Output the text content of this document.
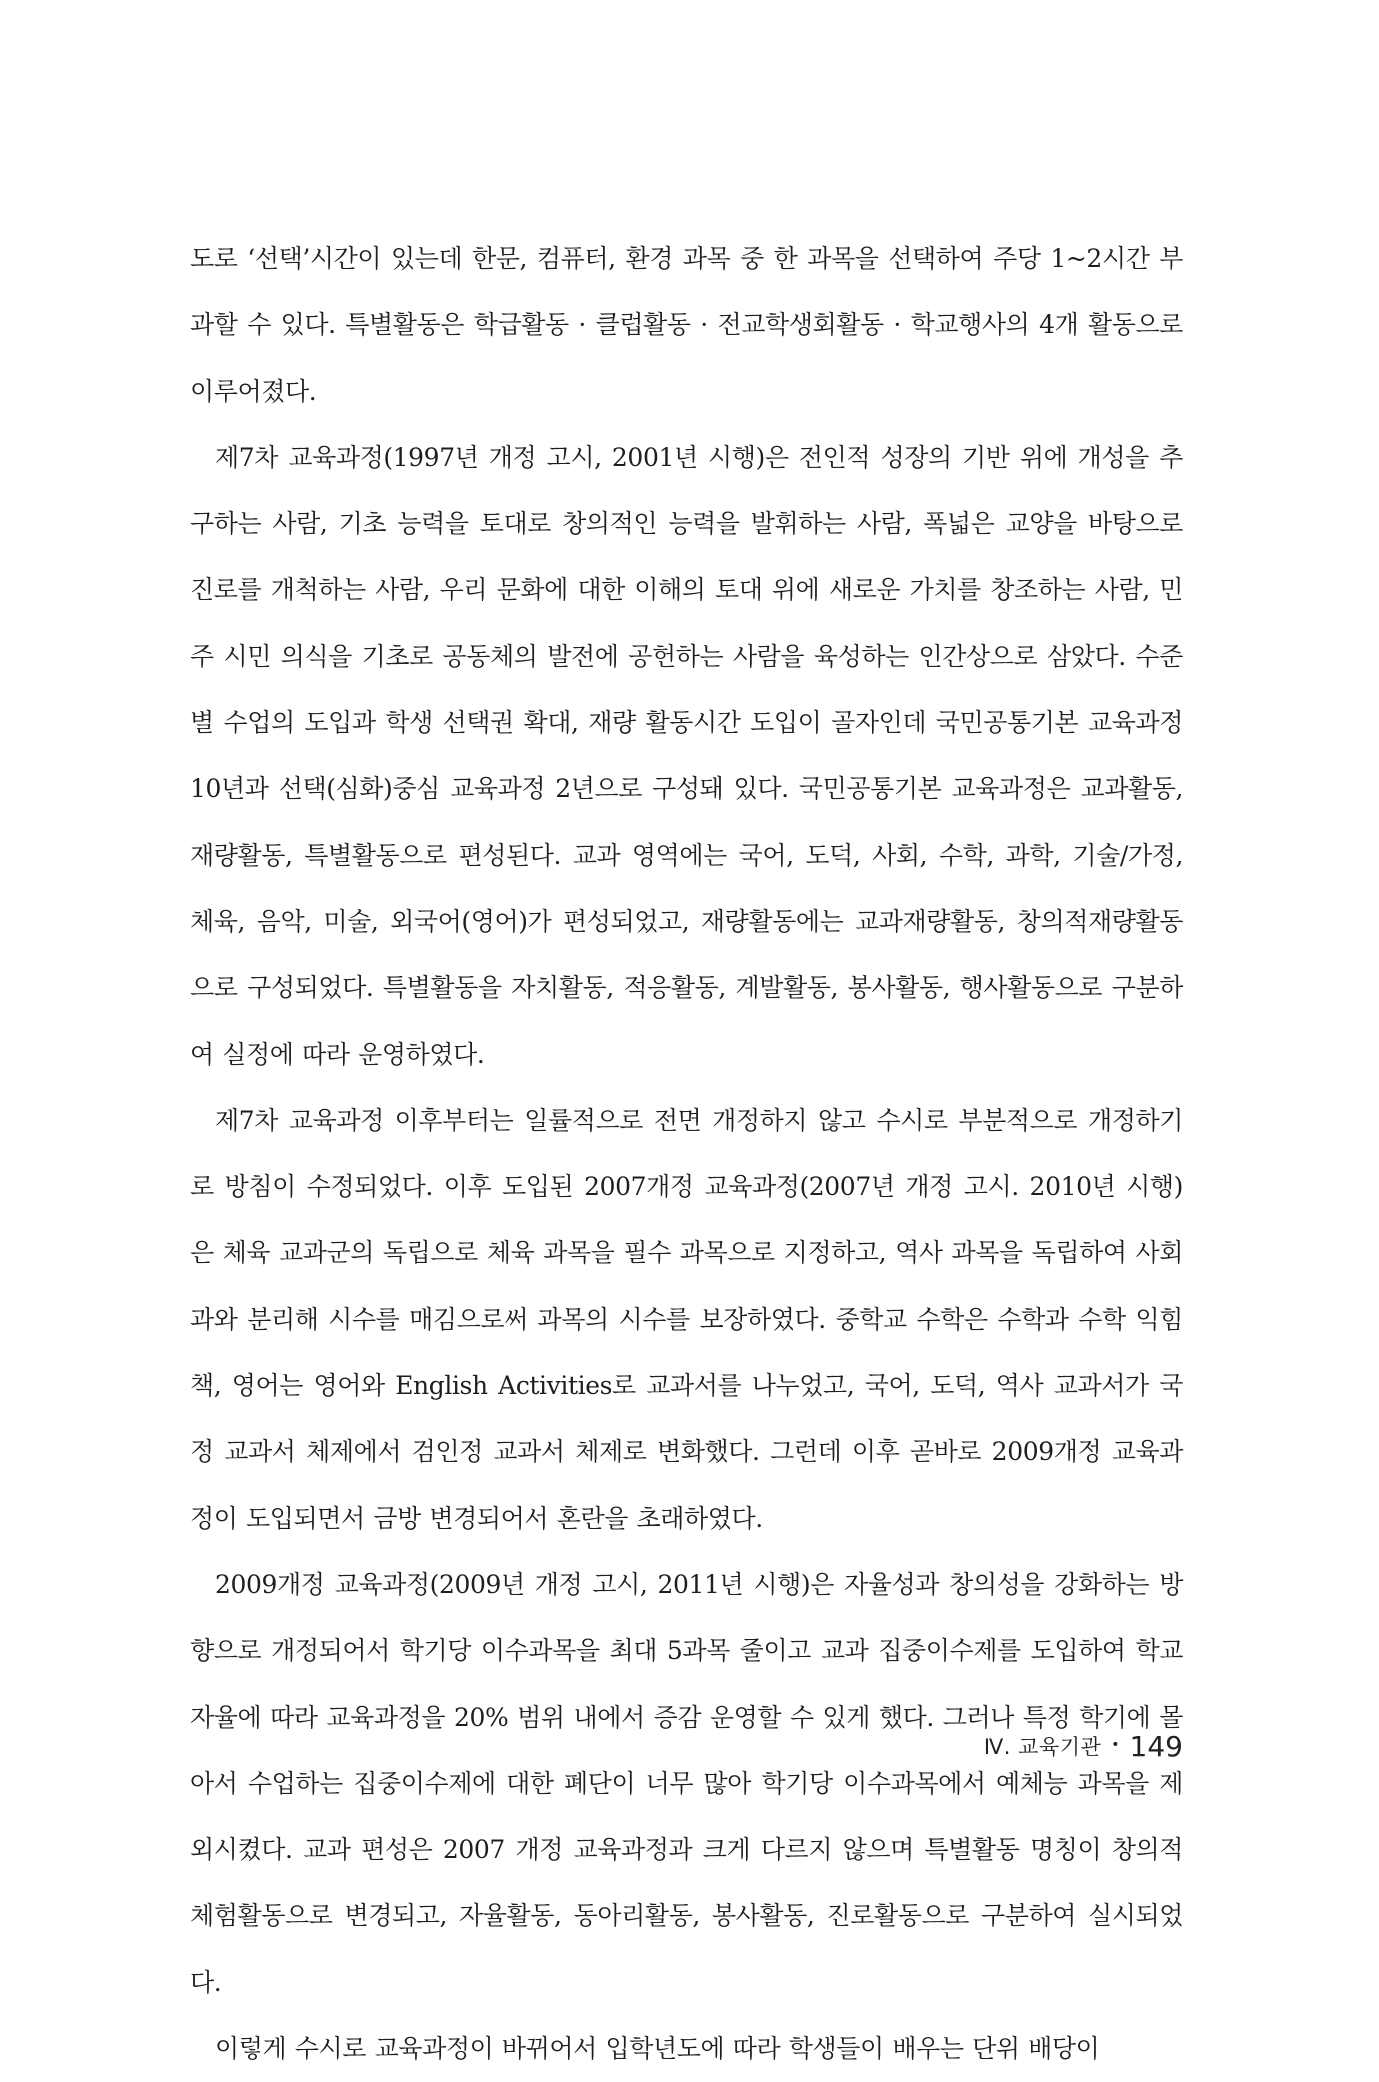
도로 ‘선택’시간이 있는데 한문, 컴퓨터, 환경 과목 중 한 과목을 선택하여 주당 1~2시간 부과할 수 있다. 특별활동은 학급활동 · 클럽활동 · 전교학생회활동 · 학교행사의 4개 활동으로 이루어졌다.

제7차 교육과정(1997년 개정 고시, 2001년 시행)은 전인적 성장의 기반 위에 개성을 추구하는 사람, 기초 능력을 토대로 창의적인 능력을 발휘하는 사람, 폭넓은 교양을 바탕으로 진로를 개척하는 사람, 우리 문화에 대한 이해의 토대 위에 새로운 가치를 창조하는 사람, 민주 시민 의식을 기초로 공동체의 발전에 공헌하는 사람을 육성하는 인간상으로 삼았다. 수준별 수업의 도입과 학생 선택권 확대, 재량 활동시간 도입이 골자인데 국민공통기본 교육과정 10년과 선택(심화)중심 교육과정 2년으로 구성돼 있다. 국민공통기본 교육과정은 교과활동, 재량활동, 특별활동으로 편성된다. 교과 영역에는 국어, 도덕, 사회, 수학, 과학, 기술/가정, 체육, 음악, 미술, 외국어(영어)가 편성되었고, 재량활동에는 교과재량활동, 창의적재량활동으로 구성되었다. 특별활동을 자치활동, 적응활동, 계발활동, 봉사활동, 행사활동으로 구분하여 실정에 따라 운영하였다.

제7차 교육과정 이후부터는 일률적으로 전면 개정하지 않고 수시로 부분적으로 개정하기로 방침이 수정되었다. 이후 도입된 2007개정 교육과정(2007년 개정 고시. 2010년 시행)은 체육 교과군의 독립으로 체육 과목을 필수 과목으로 지정하고, 역사 과목을 독립하여 사회과와 분리해 시수를 매김으로써 과목의 시수를 보장하였다. 중학교 수학은 수학과 수학 익힘책, 영어는 영어와 English Activities로 교과서를 나누었고, 국어, 도덕, 역사 교과서가 국정 교과서 체제에서 검인정 교과서 체제로 변화했다. 그런데 이후 곧바로 2009개정 교육과정이 도입되면서 금방 변경되어서 혼란을 초래하였다.

2009개정 교육과정(2009년 개정 고시, 2011년 시행)은 자율성과 창의성을 강화하는 방향으로 개정되어서 학기당 이수과목을 최대 5과목 줄이고 교과 집중이수제를 도입하여 학교 자율에 따라 교육과정을 20% 범위 내에서 증감 운영할 수 있게 했다. 그러나 특정 학기에 몰아서 수업하는 집중이수제에 대한 폐단이 너무 많아 학기당 이수과목에서 예체능 과목을 제외시켰다. 교과 편성은 2007 개정 교육과정과 크게 다르지 않으며 특별활동 명칭이 창의적체험활동으로 변경되고, 자율활동, 동아리활동, 봉사활동, 진로활동으로 구분하여 실시되었다.

이렇게 수시로 교육과정이 바뀌어서 입학년도에 따라 학생들이 배우는 단위 배당이

Ⅳ. 교육기관 • 149
